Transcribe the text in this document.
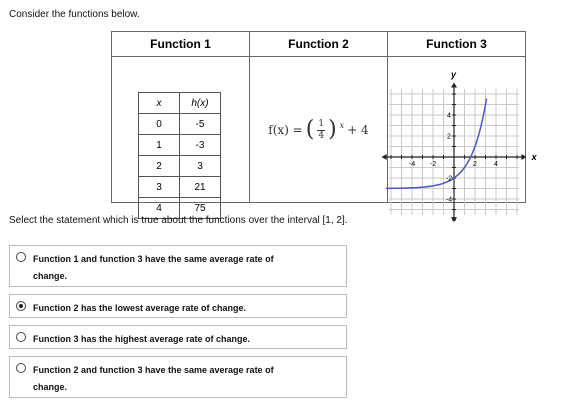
Consider the functions below.
Function 1	Function 2	Function 3

x	h(x)
0	-5
1	-3
2	3
3	21
4	75

f(x) = ( $\frac{1}{4}$ ) x + 4

y
x
-4 -2	2 4
4
2
-2
-4
Select the statement which is true about the functions over the interval [1, 2].
Function 1 and function 3 have the same average rate of change.
Function 2 has the lowest average rate of change.
Function 3 has the highest average rate of change.
Function 2 and function 3 have the same average rate of change.
